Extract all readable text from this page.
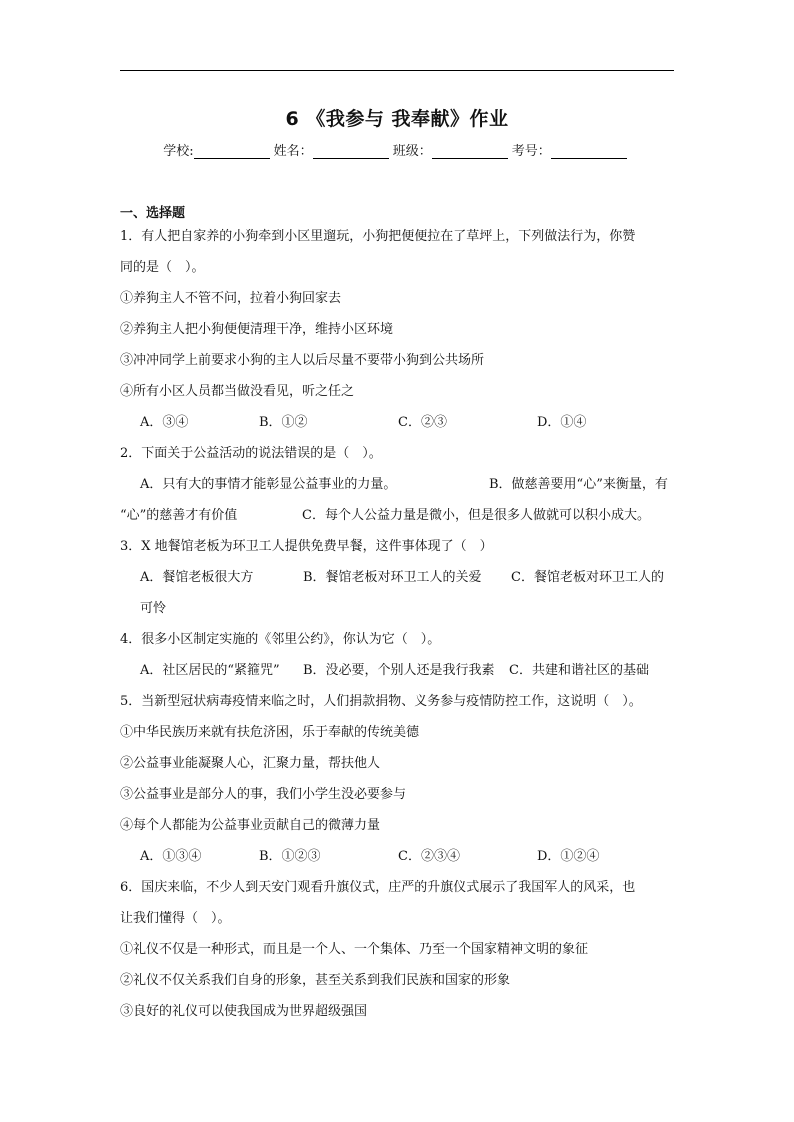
6 《我参与 我奉献》作业
学校:	姓名：	班级：	考号：
一、选择题
1．有人把自家养的小狗牵到小区里遛玩，小狗把便便拉在了草坪上，下列做法行为，你赞
同的是（　）。
①养狗主人不管不问，拉着小狗回家去
②养狗主人把小狗便便清理干净，维持小区环境
③冲冲同学上前要求小狗的主人以后尽量不要带小狗到公共场所
④所有小区人员都当做没看见，听之任之
A．③④	B．①②	C．②③	D．①④
2．下面关于公益活动的说法错误的是（　）。
A．只有大的事情才能彰显公益事业的力量。	B．做慈善要用“心”来衡量，有
“心”的慈善才有价值	C．每个人公益力量是微小，但是很多人做就可以积小成大。
3．X 地餐馆老板为环卫工人提供免费早餐，这件事体现了（　）
A．餐馆老板很大方	B．餐馆老板对环卫工人的关爱 C．餐馆老板对环卫工人的
可怜
4．很多小区制定实施的《邻里公约》，你认为它（　）。
A．社区居民的“紧箍咒” B．没必要，个别人还是我行我素 C．共建和谐社区的基础
5．当新型冠状病毒疫情来临之时，人们捐款捐物、义务参与疫情防控工作，这说明（　）。
①中华民族历来就有扶危济困，乐于奉献的传统美德
②公益事业能凝聚人心，汇聚力量，帮扶他人
③公益事业是部分人的事，我们小学生没必要参与
④每个人都能为公益事业贡献自己的微薄力量
A．①③④	B．①②③	C．②③④	D．①②④
6．国庆来临，不少人到天安门观看升旗仪式，庄严的升旗仪式展示了我国军人的风采，也
让我们懂得（　）。
①礼仪不仅是一种形式，而且是一个人、一个集体、乃至一个国家精神文明的象征
②礼仪不仅关系我们自身的形象，甚至关系到我们民族和国家的形象
③良好的礼仪可以使我国成为世界超级强国
